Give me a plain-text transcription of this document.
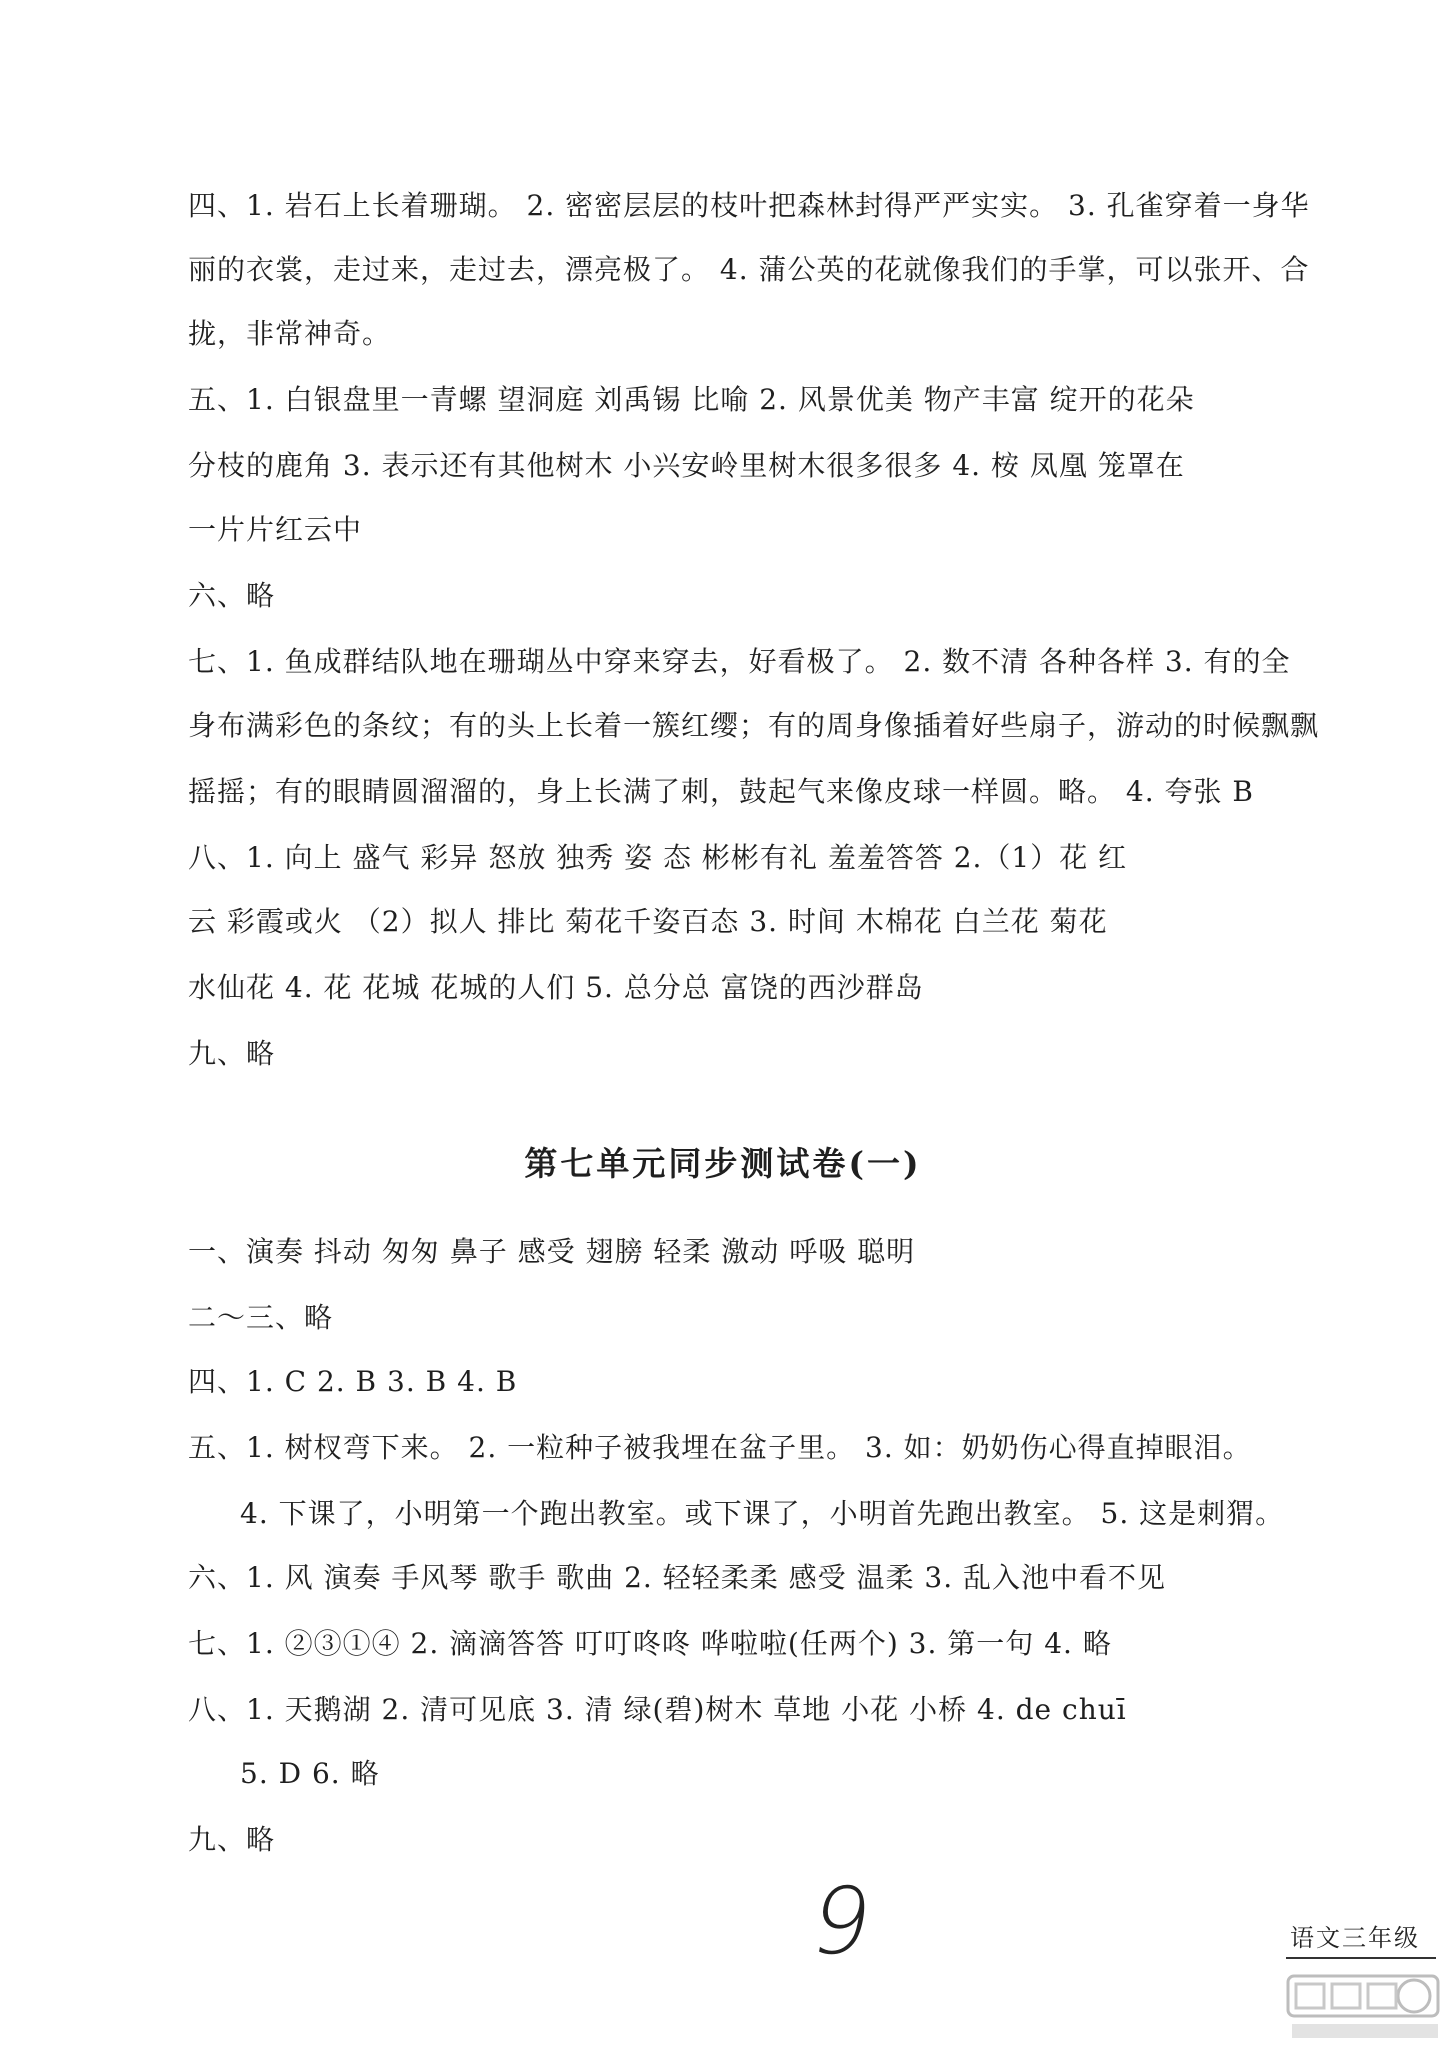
四、1. 岩石上长着珊瑚。 2. 密密层层的枝叶把森林封得严严实实。 3. 孔雀穿着一身华
丽的衣裳，走过来，走过去，漂亮极了。 4. 蒲公英的花就像我们的手掌，可以张开、合
拢，非常神奇。
五、1. 白银盘里一青螺 望洞庭 刘禹锡 比喻 2. 风景优美 物产丰富 绽开的花朵
分枝的鹿角 3. 表示还有其他树木 小兴安岭里树木很多很多 4. 桉 凤凰 笼罩在
一片片红云中
六、略
七、1. 鱼成群结队地在珊瑚丛中穿来穿去，好看极了。 2. 数不清 各种各样 3. 有的全
身布满彩色的条纹；有的头上长着一簇红缨；有的周身像插着好些扇子，游动的时候飘飘
摇摇；有的眼睛圆溜溜的，身上长满了刺，鼓起气来像皮球一样圆。略。 4. 夸张 B
八、1. 向上 盛气 彩异 怒放 独秀 姿 态 彬彬有礼 羞羞答答 2.（1）花 红
云 彩霞或火 （2）拟人 排比 菊花千姿百态 3. 时间 木棉花 白兰花 菊花
水仙花 4. 花 花城 花城的人们 5. 总分总 富饶的西沙群岛
九、略
第七单元同步测试卷(一)
一、演奏 抖动 匆匆 鼻子 感受 翅膀 轻柔 激动 呼吸 聪明
二～三、略
四、1. C 2. B 3. B 4. B
五、1. 树杈弯下来。 2. 一粒种子被我埋在盆子里。 3. 如：奶奶伤心得直掉眼泪。
4. 下课了，小明第一个跑出教室。或下课了，小明首先跑出教室。 5. 这是刺猬。
六、1. 风 演奏 手风琴 歌手 歌曲 2. 轻轻柔柔 感受 温柔 3. 乱入池中看不见
七、1. ②③①④ 2. 滴滴答答 叮叮咚咚 哗啦啦(任两个) 3. 第一句 4. 略
八、1. 天鹅湖 2. 清可见底 3. 清 绿(碧)树木 草地 小花 小桥 4. de chuī
5. D 6. 略
九、略
9	语文三年级
